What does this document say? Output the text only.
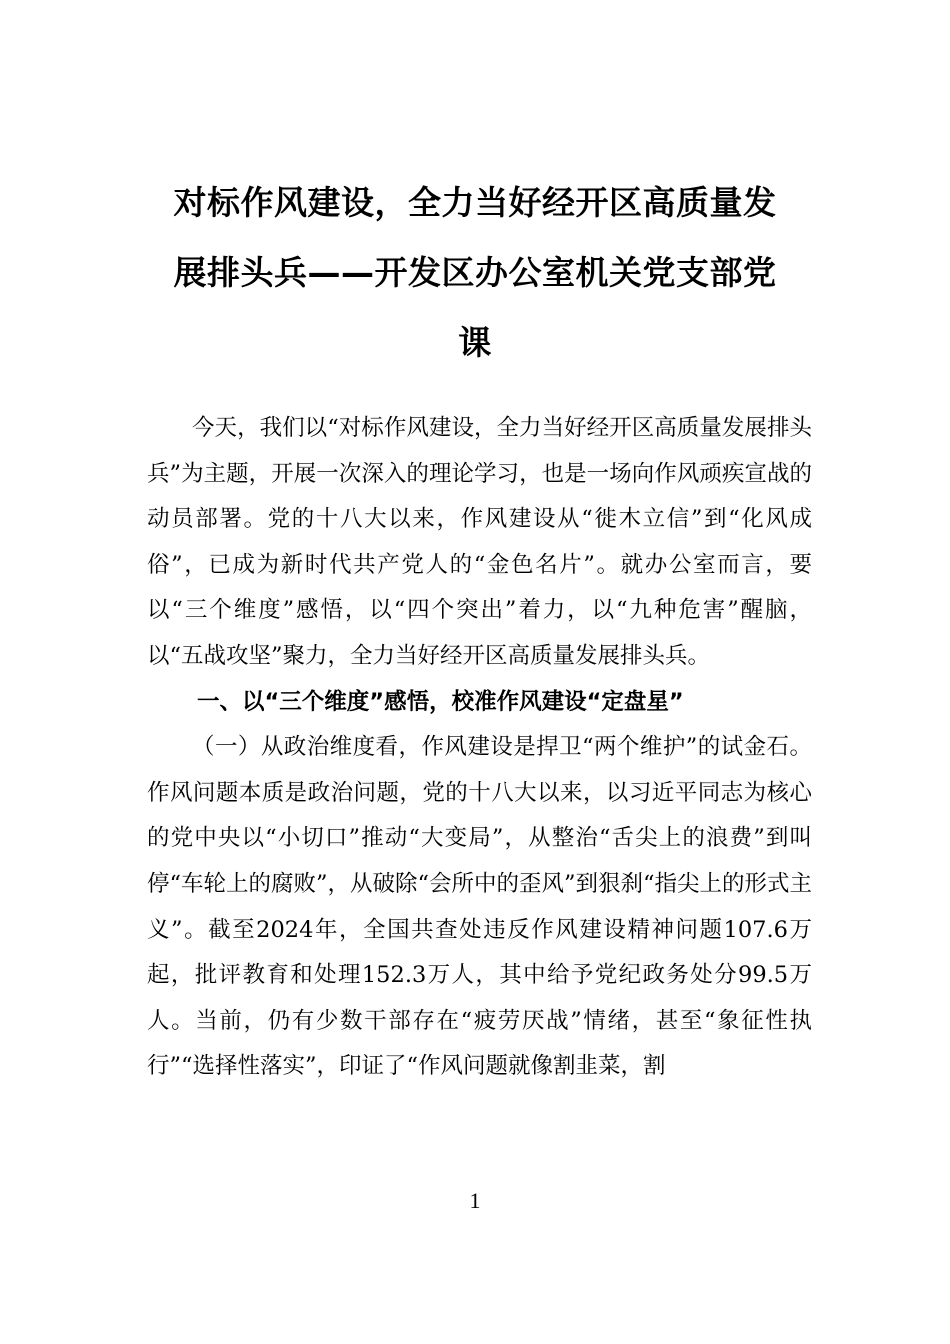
对标作风建设，全力当好经开区高质量发
展排头兵——开发区办公室机关党支部党
课

今天，我们以“对标作风建设，全力当好经开区高质量发展排头兵”为主题，开展一次深入的理论学习，也是一场向作风顽疾宣战的动员部署。党的十八大以来，作风建设从“徙木立信”到“化风成俗”，已成为新时代共产党人的“金色名片”。就办公室而言，要以“三个维度”感悟，以“四个突出”着力，以“九种危害”醒脑，以“五战攻坚”聚力，全力当好经开区高质量发展排头兵。

一、以“三个维度”感悟，校准作风建设“定盘星”

（一）从政治维度看，作风建设是捍卫“两个维护”的试金石。作风问题本质是政治问题，党的十八大以来，以习近平同志为核心的党中央以“小切口”推动“大变局”，从整治“舌尖上的浪费”到叫停“车轮上的腐败”，从破除“会所中的歪风”到狠刹“指尖上的形式主义”。截至2024年，全国共查处违反作风建设精神问题107.6万起，批评教育和处理152.3万人，其中给予党纪政务处分99.5万人。当前，仍有少数干部存在“疲劳厌战”情绪，甚至“象征性执行”“选择性落实”，印证了“作风问题就像割韭菜，割

1
